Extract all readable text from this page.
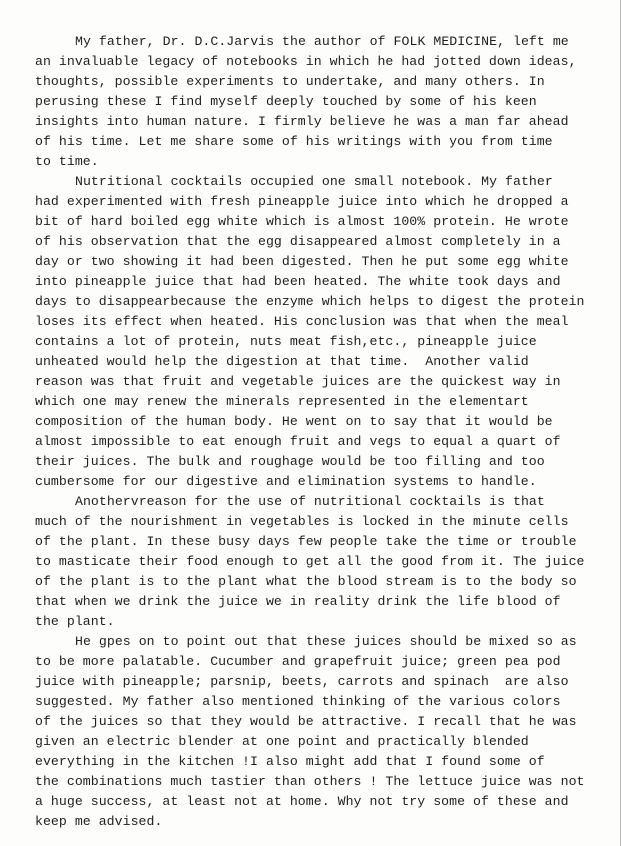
My father, Dr. D.C.Jarvis the author of FOLK MEDICINE, left me
an invaluable legacy of notebooks in which he had jotted down ideas,
thoughts, possible experiments to undertake, and many others. In
perusing these I find myself deeply touched by some of his keen
insights into human nature. I firmly believe he was a man far ahead
of his time. Let me share some of his writings with you from time
to time.
Nutritional cocktails occupied one small notebook. My father
had experimented with fresh pineapple juice into which he dropped a
bit of hard boiled egg white which is almost 100% protein. He wrote
of his observation that the egg disappeared almost completely in a
day or two showing it had been digested. Then he put some egg white
into pineapple juice that had been heated. The white took days and
days to disappearbecause the enzyme which helps to digest the protein
loses its effect when heated. His conclusion was that when the meal
contains a lot of protein, nuts meat fish,etc., pineapple juice
unheated would help the digestion at that time.  Another valid
reason was that fruit and vegetable juices are the quickest way in
which one may renew the minerals represented in the elementart
composition of the human body. He went on to say that it would be
almost impossible to eat enough fruit and vegs to equal a quart of
their juices. The bulk and roughage would be too filling and too
cumbersome for our digestive and elimination systems to handle.
Anothervreason for the use of nutritional cocktails is that
much of the nourishment in vegetables is locked in the minute cells
of the plant. In these busy days few people take the time or trouble
to masticate their food enough to get all the good from it. The juice
of the plant is to the plant what the blood stream is to the body so
that when we drink the juice we in reality drink the life blood of
the plant.
He gpes on to point out that these juices should be mixed so as
to be more palatable. Cucumber and grapefruit juice; green pea pod
juice with pineapple; parsnip, beets, carrots and spinach  are also
suggested. My father also mentioned thinking of the various colors
of the juices so that they would be attractive. I recall that he was
given an electric blender at one point and practically blended
everything in the kitchen !I also might add that I found some of
the combinations much tastier than others ! The lettuce juice was not
a huge success, at least not at home. Why not try some of these and
keep me advised.
